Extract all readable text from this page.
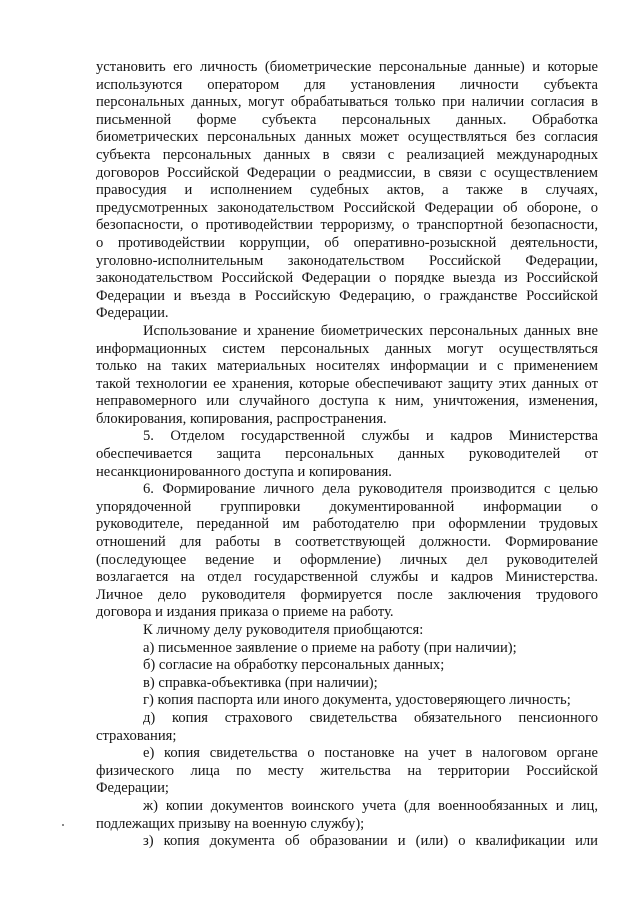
установить его личность (биометрические персональные данные) и которые

используются оператором для установления личности субъекта

персональных данных, могут обрабатываться только при наличии согласия в

письменной форме субъекта персональных данных. Обработка

биометрических персональных данных может осуществляться без согласия

субъекта персональных данных в связи с реализацией международных

договоров Российской Федерации о реадмиссии, в связи с осуществлением

правосудия и исполнением судебных актов, а также в случаях,

предусмотренных законодательством Российской Федерации об обороне, о

безопасности, о противодействии терроризму, о транспортной безопасности,

о противодействии коррупции, об оперативно-розыскной деятельности,

уголовно-исполнительным законодательством Российской Федерации,

законодательством Российской Федерации о порядке выезда из Российской

Федерации и въезда в Российскую Федерацию, о гражданстве Российской

Федерации.

Использование и хранение биометрических персональных данных вне

информационных систем персональных данных могут осуществляться

только на таких материальных носителях информации и с применением

такой технологии ее хранения, которые обеспечивают защиту этих данных от

неправомерного или случайного доступа к ним, уничтожения, изменения,

блокирования, копирования, распространения.

5. Отделом государственной службы и кадров Министерства

обеспечивается защита персональных данных руководителей от

несанкционированного доступа и копирования.

6. Формирование личного дела руководителя производится с целью

упорядоченной группировки документированной информации о

руководителе, переданной им работодателю при оформлении трудовых

отношений для работы в соответствующей должности. Формирование

(последующее ведение и оформление) личных дел руководителей

возлагается на отдел государственной службы и кадров Министерства.

Личное дело руководителя формируется после заключения трудового

договора и издания приказа о приеме на работу.

К личному делу руководителя приобщаются:

а) письменное заявление о приеме на работу (при наличии);

б) согласие на обработку персональных данных;

в) справка-объективка (при наличии);

г) копия паспорта или иного документа, удостоверяющего личность;

д) копия страхового свидетельства обязательного пенсионного

страхования;

е) копия свидетельства о постановке на учет в налоговом органе

физического лица по месту жительства на территории Российской

Федерации;

ж) копии документов воинского учета (для военнообязанных и лиц,

подлежащих призыву на военную службу);

з) копия документа об образовании и (или) о квалификации или
